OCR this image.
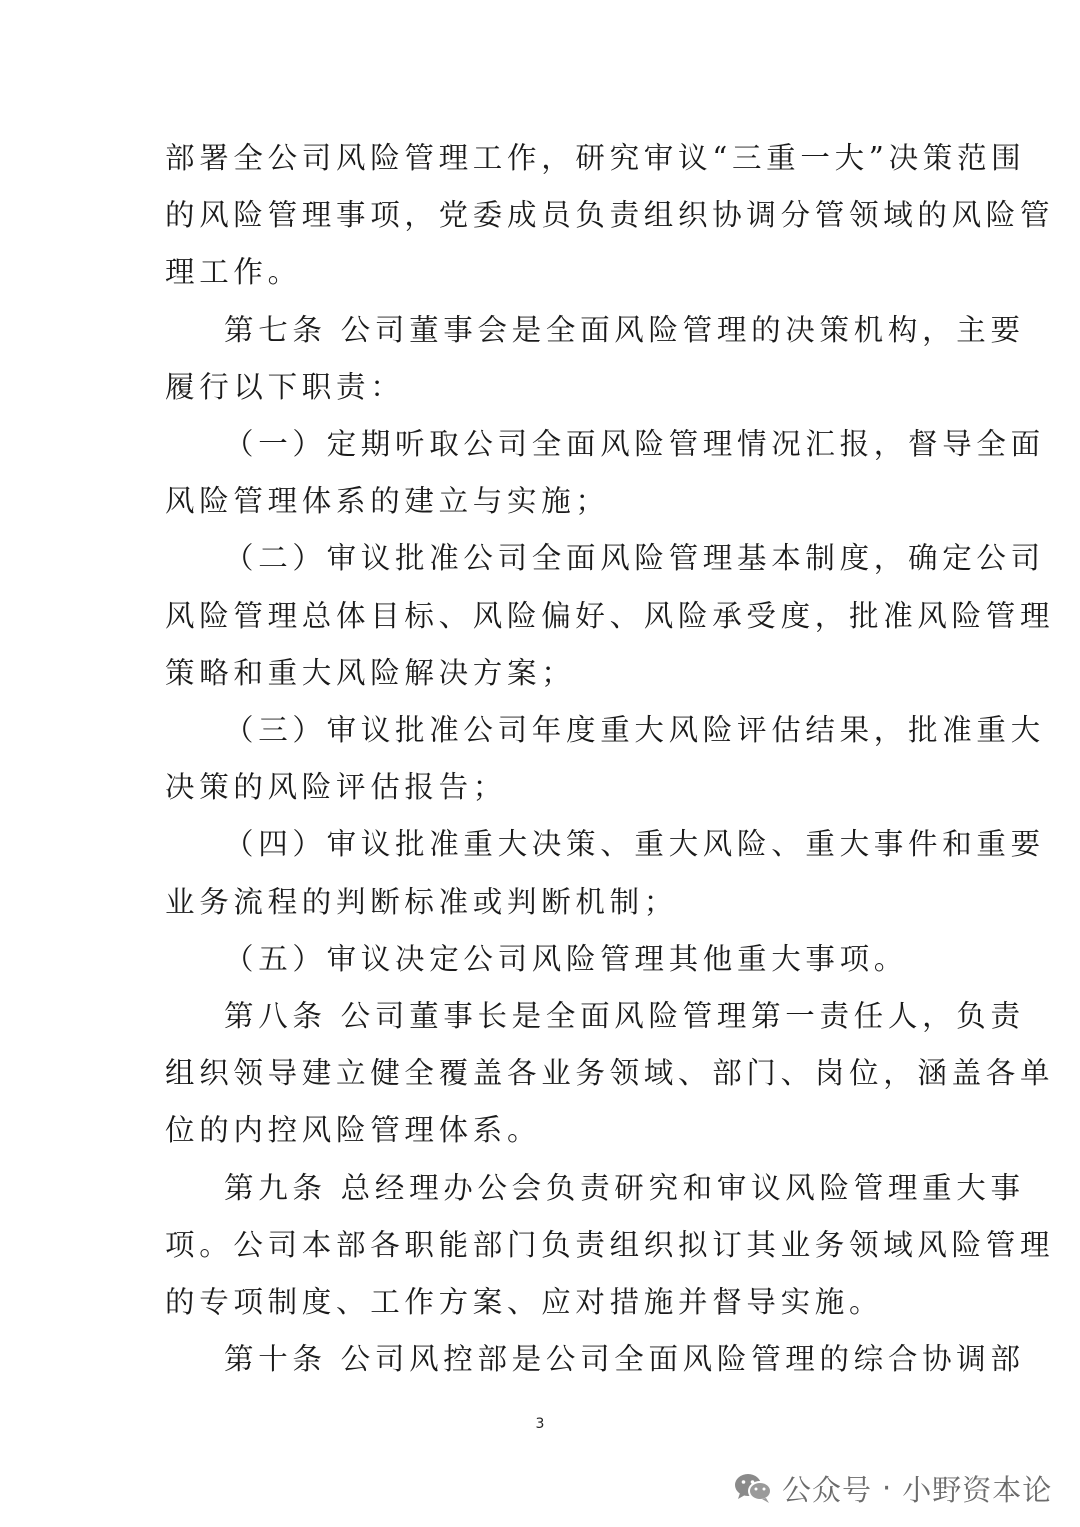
部署全公司风险管理工作，研究审议“三重一大”决策范围
的风险管理事项，党委成员负责组织协调分管领域的风险管
理工作。
第七条 公司董事会是全面风险管理的决策机构，主要
履行以下职责：
（一）定期听取公司全面风险管理情况汇报，督导全面
风险管理体系的建立与实施；
（二）审议批准公司全面风险管理基本制度，确定公司
风险管理总体目标、风险偏好、风险承受度，批准风险管理
策略和重大风险解决方案；
（三）审议批准公司年度重大风险评估结果，批准重大
决策的风险评估报告；
（四）审议批准重大决策、重大风险、重大事件和重要
业务流程的判断标准或判断机制；
（五）审议决定公司风险管理其他重大事项。
第八条 公司董事长是全面风险管理第一责任人，负责
组织领导建立健全覆盖各业务领域、部门、岗位，涵盖各单
位的内控风险管理体系。
第九条 总经理办公会负责研究和审议风险管理重大事
项。公司本部各职能部门负责组织拟订其业务领域风险管理
的专项制度、工作方案、应对措施并督导实施。
第十条 公司风控部是公司全面风险管理的综合协调部
3
公众号 · 小野资本论
